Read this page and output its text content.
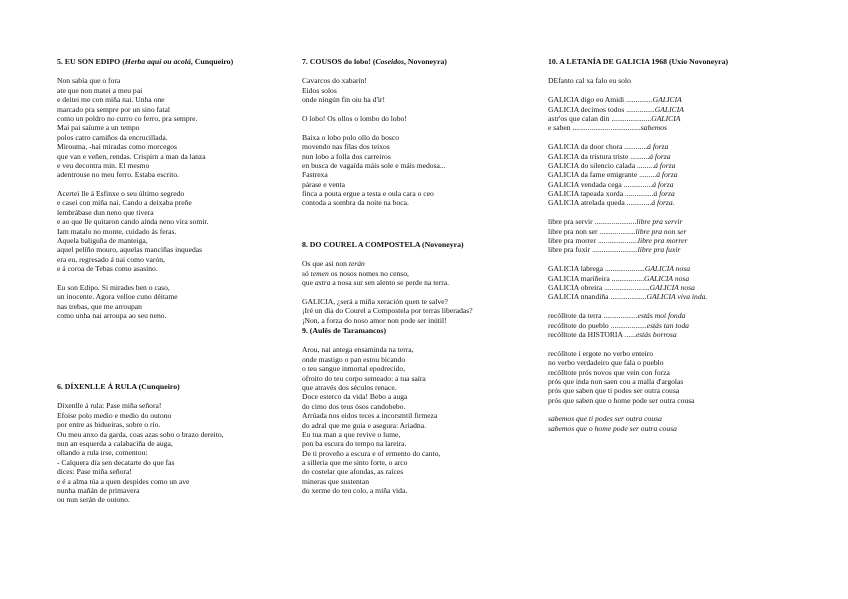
5. EU SON EDIPO (Herba aquí ou acolá, Cunqueiro)
Non sabía que o fora
ate que non matei a meu pai
e deitei me con miña nai. Unha one
marcado pra sempre por un sino fatal
como un poldro no curro co ferro, pra sempre.
Mai pai saíume a un tempo
polos catro camiños da encrucillada.
Mirouma, -hai miradas como morcegos
que van e veñen, rendas. Crispirn a man da lanza
e veu decontra min. El mesmo
adentrouse no meu ferro. Estaba escrito.
Acertei lle á Esfinxe o seu último segredo
e casei con miña nai. Cando a deixaba preñe
lembrábase dun neno que tivera
e ao que lle quitaron cando aínda neno vira somir.
Iam matalo no monte, cuidado ás feras.
Aquela baliguña de manteiga,
aquel pelíño mouro, aquelas manciñas inquedas
era eu, regresado á nai como varón,
e á coroa de Tebas como asasino.
Eu son Edipo. Si mirades ben o caso,
un inocente. Agora velloe cuno déitame
nas trebas, que me arroupan
como unha nai arroupa ao seu neno.
6. DÍXENLLE Á RULA (Cunqueiro)
Díxenlle á rula: Pase miña señora!
Efoise polo medio e medio do outono
por entre as bidueiras, sobre o río.
Ou meu anxo da garda, coas azas sobo o brazo dereito,
nun an esquerda a calabaciña de auga,
ollando a rula irse, comentou:
- Calquera día sen decatarte do que fas
dices: Pase miña señora!
e é a alma túa a quen despides como un ave
nunha mañán de primavera
ou nun serán de outono.
7. COUSOS do lobo! (Coseidos, Novoneyra)
Cavarcos do xabarín!
Eidos solos
onde ningún fin oiu ha d'ir!
O lobo! Os ollos o lombo do lobo!
Baixa o lobo polo ollo do bosco
movendo nas fílas dos teixos
nun lobo a folla dos carreiros
en busca de vagaída máis sole e máis medosa...
Fastrexa
párase e venta
finca a pouta ergue a testa e oula cara o ceo
contoda a sombra da noite na boca.
8. DO COUREL A COMPOSTELA (Novoneyra)
Os que asi non terán
só temen os nosos nomes no censo,
que astra a nosa sur sen alento se perde na terra.
GALICIA, ¿será a miña xeración quen te salve?
¡Iré un día do Courel a Compostela por terras liberadas?
¡Non, a forza do noso amor non pode ser inútil!
9. (Aulês de Taramancos)
Arou, nai antega ensaminda na terra,
onde mastigo o pan estou bicando
o teu sangue inmortal epodrecido,
ofroito do teu corpo semeado: a tua saíra
que através dos séculos renace.
Doce esterco da vida! Bebo a auga
do cimo dos teus ósos candobebo.
Arrúada nos eidos teces a incorsmtil firmeza
do adral que me guia e asegura: Ariadna.
Eu tua man a que revive o lume,
pon ba escura do tempo na lareira.
De ti proveño a escura e of ermento do canto,
a silleria que me sinto forte, o arco
do costelar que afondas, as raíces
mineras que sustentan
do xerme do teu colo, a miña vida.
10. A LETANÍA DE GALICIA 1968 (Uxío Novoneyra)
DEfanto cal xa falo eu solo
GALICIA digo eu Amidi ..............GALICIA
GALICIA decímos todos ...............GALICIA
astr'os que calan din .....................GALICIA
e saben ....................................sabemos
GALICIA da door chora ............á forza
GALICIA da tristura triste ..........á forza
GALICIA do silencio calada .........á forza
GALICIA da fame emigrante .........á forza
GALICIA vendada cega ...............á forza
GALICIA tapeada xorda ...............á forza
GALICIA atrelada queda .............á forza.
libre pra servir ......................libre pra servir
libre pra non ser ...................libre pra non ser
libre pra morrer .....................libre pra morrer
libre pra fuxir ........................libre pra fuxir
GALICIA labrega .....................GALICIA nosa
GALICIA mariñeira .................GALICIA nosa
GALICIA obreira ........................GALICIA nosa
GALICIA nnandiña ...................GALICIA viva inda.
recólltote da terra ..................estás moi fonda
recólltote do pueblo ...................estás tan toda
recólltote da HISTORIA ......estás borrosa
recólltote i ergote no verbo enteiro
no verbo verdadeiro que fala o pueblo
recólltote prós novos que vein con forza
prós que inda non saen cou a malla d'argolas
prós que saben que ti podes ser outra cousa
prós que saben que o home pode ser outra cousa
sabemos que ti podes ser outra cousa
sabemos que o home pode ser outra cousa
